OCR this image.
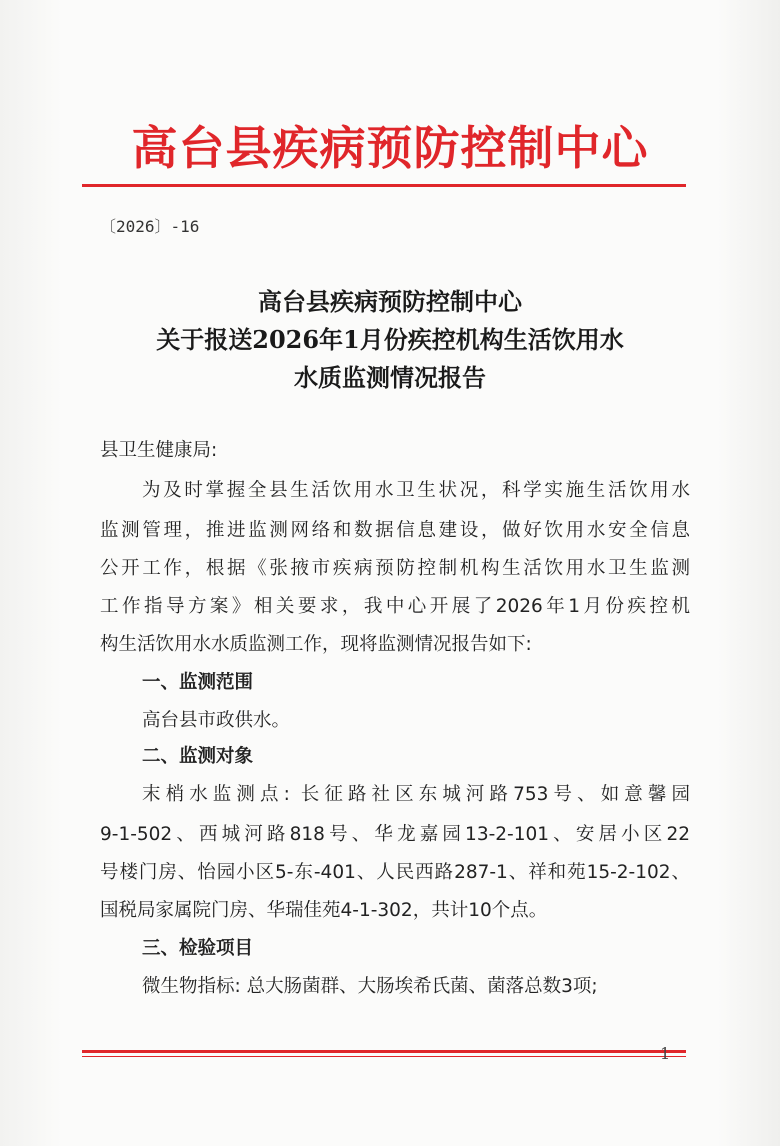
高台县疾病预防控制中心
〔2026〕-16
高台县疾病预防控制中心
关于报送2026年1月份疾控机构生活饮用水
水质监测情况报告
县卫生健康局:
为及时掌握全县生活饮用水卫生状况，科学实施生活饮用水
监测管理，推进监测网络和数据信息建设，做好饮用水安全信息
公开工作，根据《张掖市疾病预防控制机构生活饮用水卫生监测
工作指导方案》相关要求，我中心开展了2026年1月份疾控机
构生活饮用水水质监测工作，现将监测情况报告如下:
一、监测范围
高台县市政供水。
二、监测对象
末梢水监测点: 长征路社区东城河路753号、如意馨园
9-1-502、西城河路818号、华龙嘉园13-2-101、安居小区22
号楼门房、怡园小区5-东-401、人民西路287-1、祥和苑15-2-102、
国税局家属院门房、华瑞佳苑4-1-302，共计10个点。
三、检验项目
微生物指标: 总大肠菌群、大肠埃希氏菌、菌落总数3项;
1
